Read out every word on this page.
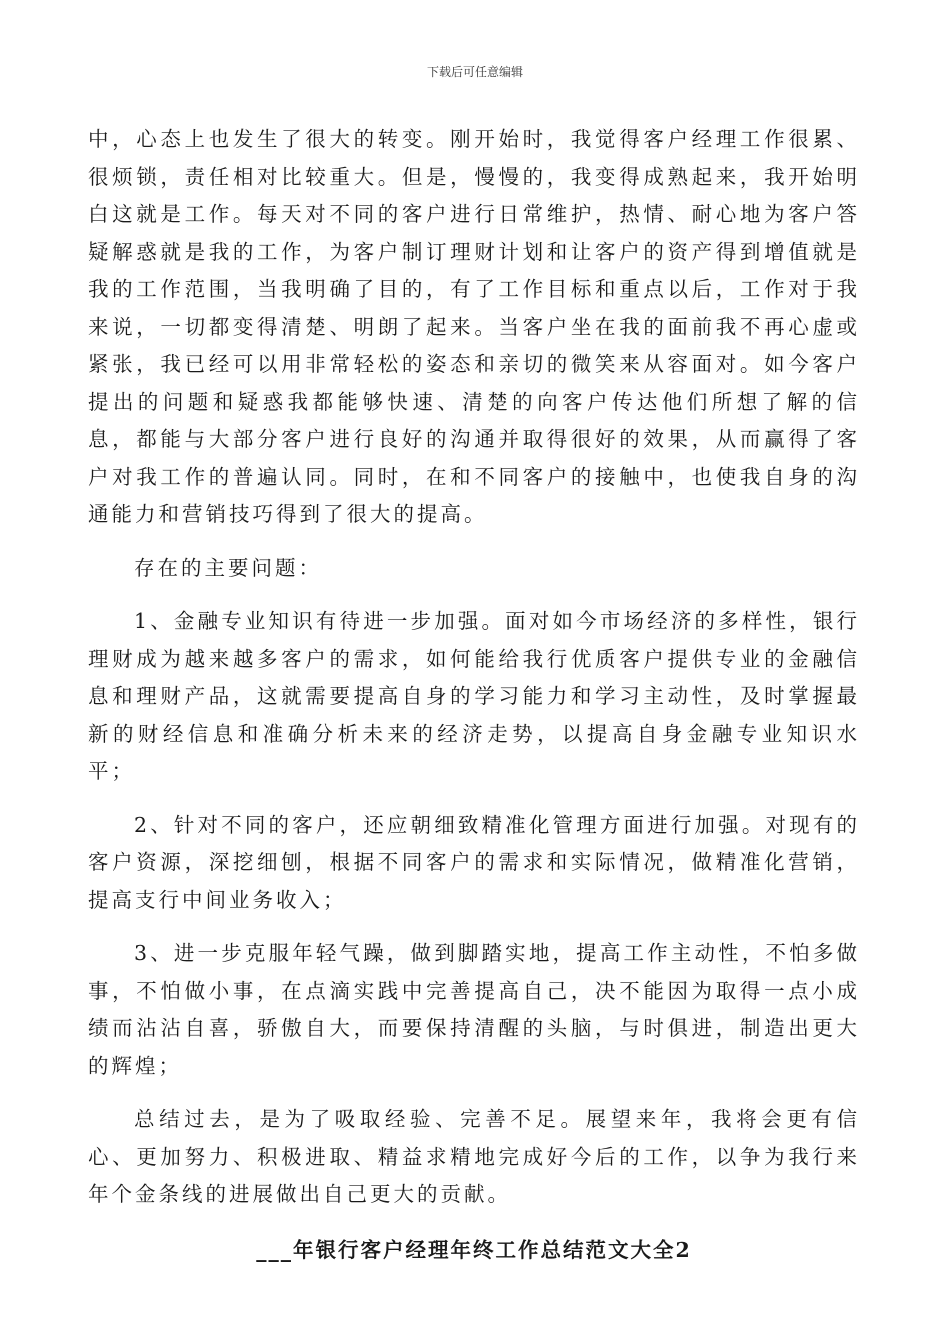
下载后可任意编辑

中，心态上也发生了很大的转变。刚开始时，我觉得客户经理工作很累、很烦锁，责任相对比较重大。但是，慢慢的，我变得成熟起来，我开始明白这就是工作。每天对不同的客户进行日常维护，热情、耐心地为客户答疑解惑就是我的工作，为客户制订理财计划和让客户的资产得到增值就是我的工作范围，当我明确了目的，有了工作目标和重点以后，工作对于我来说，一切都变得清楚、明朗了起来。当客户坐在我的面前我不再心虚或紧张，我已经可以用非常轻松的姿态和亲切的微笑来从容面对。如今客户提出的问题和疑惑我都能够快速、清楚的向客户传达他们所想了解的信息，都能与大部分客户进行良好的沟通并取得很好的效果，从而赢得了客户对我工作的普遍认同。同时，在和不同客户的接触中，也使我自身的沟通能力和营销技巧得到了很大的提高。

存在的主要问题：

1、金融专业知识有待进一步加强。面对如今市场经济的多样性，银行理财成为越来越多客户的需求，如何能给我行优质客户提供专业的金融信息和理财产品，这就需要提高自身的学习能力和学习主动性，及时掌握最新的财经信息和准确分析未来的经济走势，以提高自身金融专业知识水平；

2、针对不同的客户，还应朝细致精准化管理方面进行加强。对现有的客户资源，深挖细刨，根据不同客户的需求和实际情况，做精准化营销，提高支行中间业务收入；

3、进一步克服年轻气躁，做到脚踏实地，提高工作主动性，不怕多做事，不怕做小事，在点滴实践中完善提高自己，决不能因为取得一点小成绩而沾沾自喜，骄傲自大，而要保持清醒的头脑，与时俱进，制造出更大的辉煌；

总结过去，是为了吸取经验、完善不足。展望来年，我将会更有信心、更加努力、积极进取、精益求精地完成好今后的工作，以争为我行来年个金条线的进展做出自己更大的贡献。

___年银行客户经理年终工作总结范文大全2
